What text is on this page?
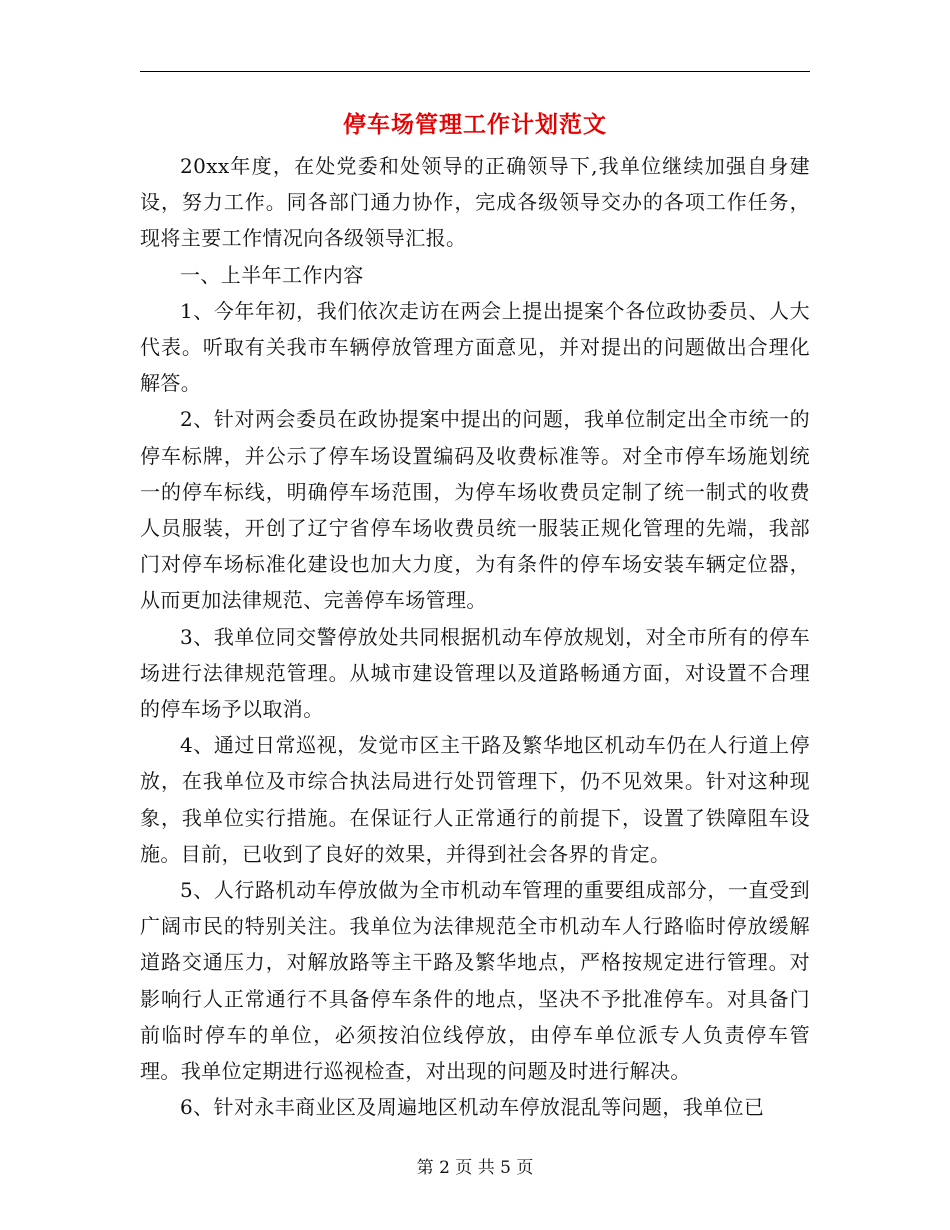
停车场管理工作计划范文

20xx年度，在处党委和处领导的正确领导下,我单位继续加强自身建设，努力工作。同各部门通力协作，完成各级领导交办的各项工作任务，现将主要工作情况向各级领导汇报。

一、上半年工作内容

1、今年年初，我们依次走访在两会上提出提案个各位政协委员、人大代表。听取有关我市车辆停放管理方面意见，并对提出的问题做出合理化解答。

2、针对两会委员在政协提案中提出的问题，我单位制定出全市统一的停车标牌，并公示了停车场设置编码及收费标准等。对全市停车场施划统一的停车标线，明确停车场范围，为停车场收费员定制了统一制式的收费人员服装，开创了辽宁省停车场收费员统一服装正规化管理的先端，我部门对停车场标准化建设也加大力度，为有条件的停车场安装车辆定位器，从而更加法律规范、完善停车场管理。

3、我单位同交警停放处共同根据机动车停放规划，对全市所有的停车场进行法律规范管理。从城市建设管理以及道路畅通方面，对设置不合理的停车场予以取消。

4、通过日常巡视，发觉市区主干路及繁华地区机动车仍在人行道上停放，在我单位及市综合执法局进行处罚管理下，仍不见效果。针对这种现象，我单位实行措施。在保证行人正常通行的前提下，设置了铁障阻车设施。目前，已收到了良好的效果，并得到社会各界的肯定。

5、人行路机动车停放做为全市机动车管理的重要组成部分，一直受到广阔市民的特别关注。我单位为法律规范全市机动车人行路临时停放缓解道路交通压力，对解放路等主干路及繁华地点，严格按规定进行管理。对影响行人正常通行不具备停车条件的地点，坚决不予批准停车。对具备门前临时停车的单位，必须按泊位线停放，由停车单位派专人负责停车管理。我单位定期进行巡视检查，对出现的问题及时进行解决。

6、针对永丰商业区及周遍地区机动车停放混乱等问题，我单位已

第 2 页 共 5 页
